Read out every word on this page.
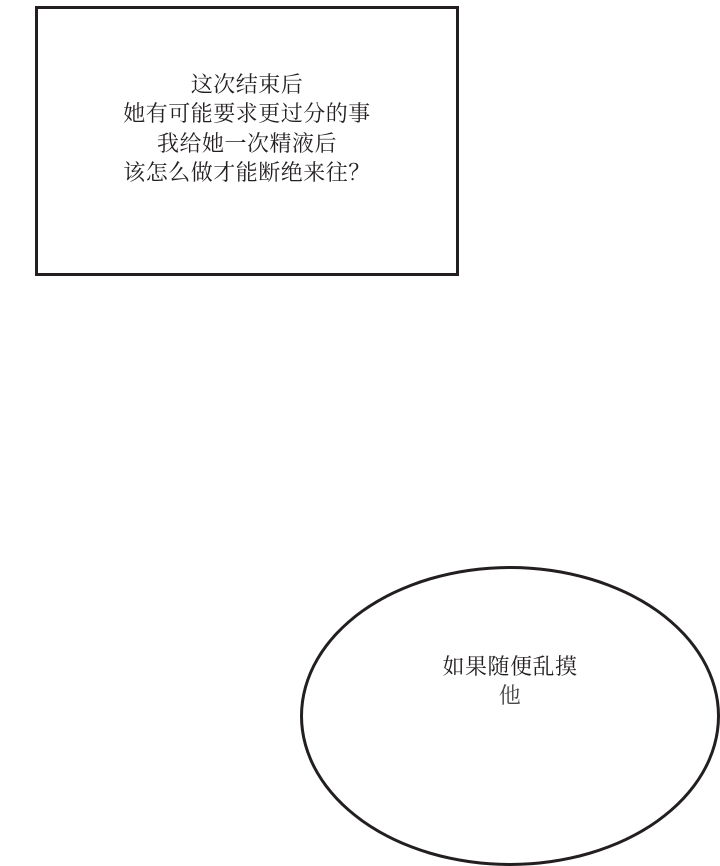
这次结束后
她有可能要求更过分的事
我给她一次精液后
该怎么做才能断绝来往？
如果随便乱摸
他
